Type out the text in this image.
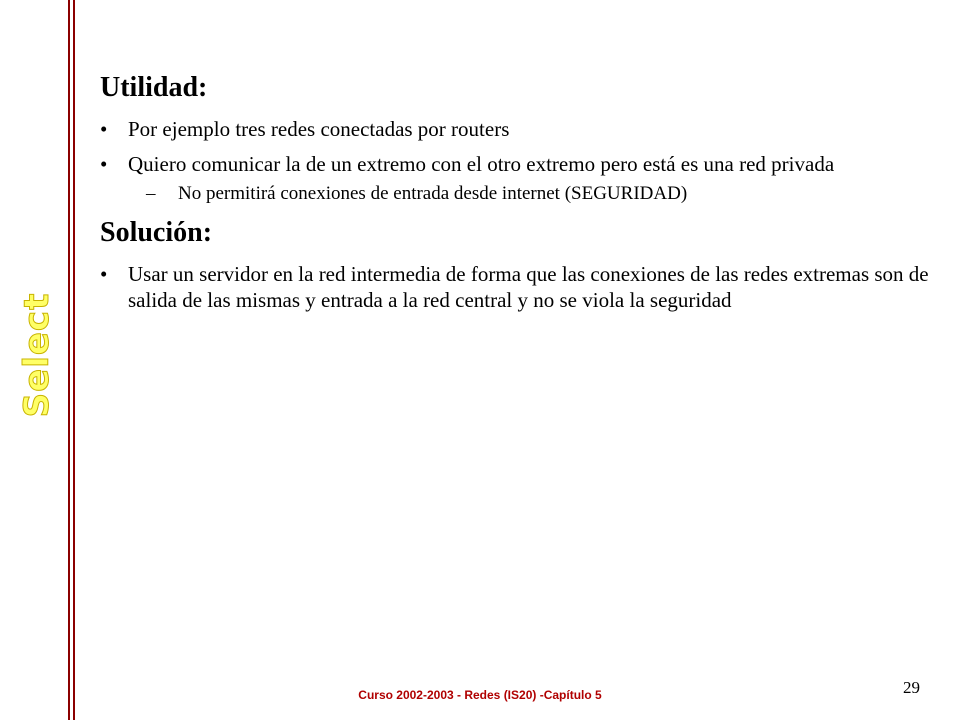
Select
Utilidad:
• Por ejemplo tres redes conectadas por routers
• Quiero comunicar la de un extremo con el otro extremo pero está es una red privada
– No permitirá conexiones de entrada desde internet (SEGURIDAD)
Solución:
• Usar un servidor en la red intermedia de forma que las conexiones de las redes extremas son de salida de las mismas y entrada a la red central y no se viola la seguridad
Curso 2002-2003 - Redes (IS20) -Capítulo 5	29
